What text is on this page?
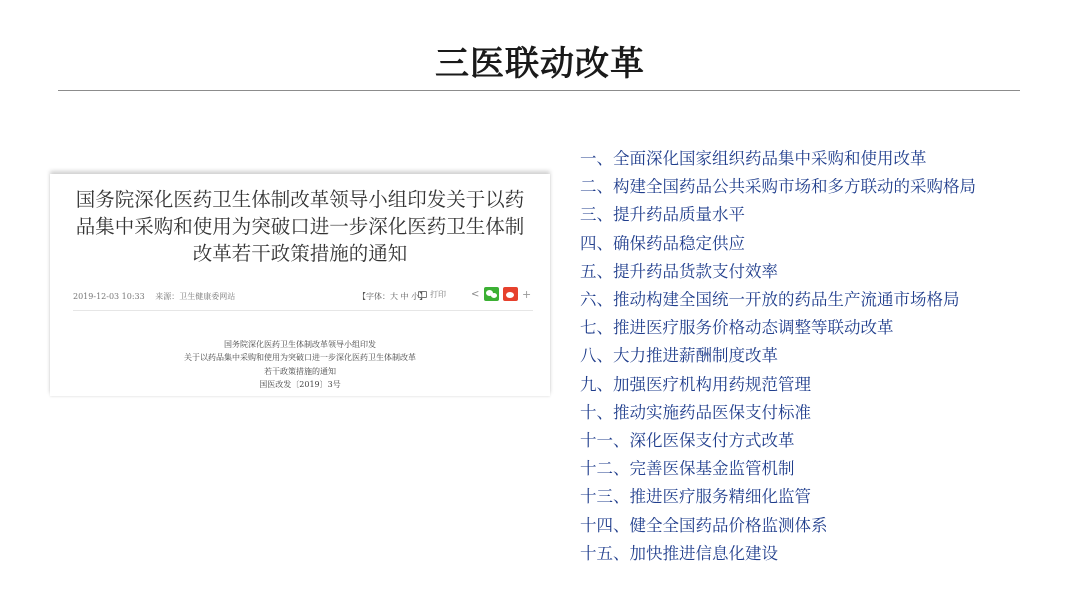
三医联动改革
国务院深化医药卫生体制改革领导小组印发关于以药
品集中采购和使用为突破口进一步深化医药卫生体制
改革若干政策措施的通知
2019-12-03 10:33 来源：卫生健康委网站	【字体：大 中 小】 打印	<	+
国务院深化医药卫生体制改革领导小组印发
关于以药品集中采购和使用为突破口进一步深化医药卫生体制改革
若干政策措施的通知
国医改发〔2019〕3号
一、全面深化国家组织药品集中采购和使用改革
二、构建全国药品公共采购市场和多方联动的采购格局
三、提升药品质量水平
四、确保药品稳定供应
五、提升药品货款支付效率
六、推动构建全国统一开放的药品生产流通市场格局
七、推进医疗服务价格动态调整等联动改革
八、大力推进薪酬制度改革
九、加强医疗机构用药规范管理
十、推动实施药品医保支付标准
十一、深化医保支付方式改革
十二、完善医保基金监管机制
十三、推进医疗服务精细化监管
十四、健全全国药品价格监测体系
十五、加快推进信息化建设
